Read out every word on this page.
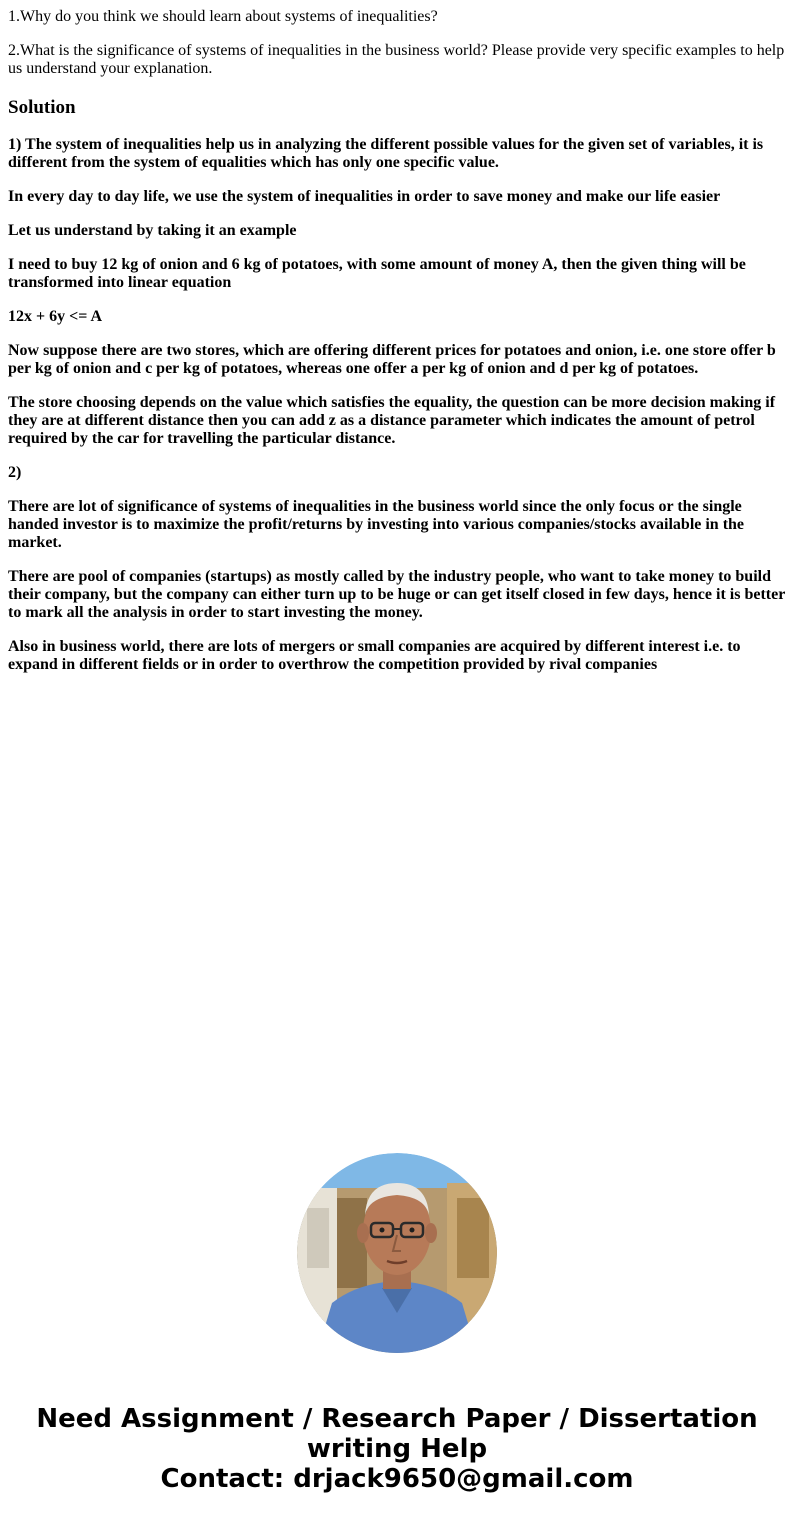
1.Why do you think we should learn about systems of inequalities?

2.What is the significance of systems of inequalities in the business world? Please provide very specific examples to help us understand your explanation.

Solution

1) The system of inequalities help us in analyzing the different possible values for the given set of variables, it is different from the system of equalities which has only one specific value.

In every day to day life, we use the system of inequalities in order to save money and make our life easier

Let us understand by taking it an example

I need to buy 12 kg of onion and 6 kg of potatoes, with some amount of money A, then the given thing will be transformed into linear equation

12x + 6y <= A

Now suppose there are two stores, which are offering different prices for potatoes and onion, i.e. one store offer b per kg of onion and c per kg of potatoes, whereas one offer a per kg of onion and d per kg of potatoes.

The store choosing depends on the value which satisfies the equality, the question can be more decision making if they are at different distance then you can add z as a distance parameter which indicates the amount of petrol required by the car for travelling the particular distance.

2)

There are lot of significance of systems of inequalities in the business world since the only focus or the single handed investor is to maximize the profit/returns by investing into various companies/stocks available in the market.

There are pool of companies (startups) as mostly called by the industry people, who want to take money to build their company, but the company can either turn up to be huge or can get itself closed in few days, hence it is better to mark all the analysis in order to start investing the money.

Also in business world, there are lots of mergers or small companies are acquired by different interest i.e. to expand in different fields or in order to overthrow the competition provided by rival companies

Need Assignment / Research Paper / Dissertation
writing Help
Contact: drjack9650@gmail.com
